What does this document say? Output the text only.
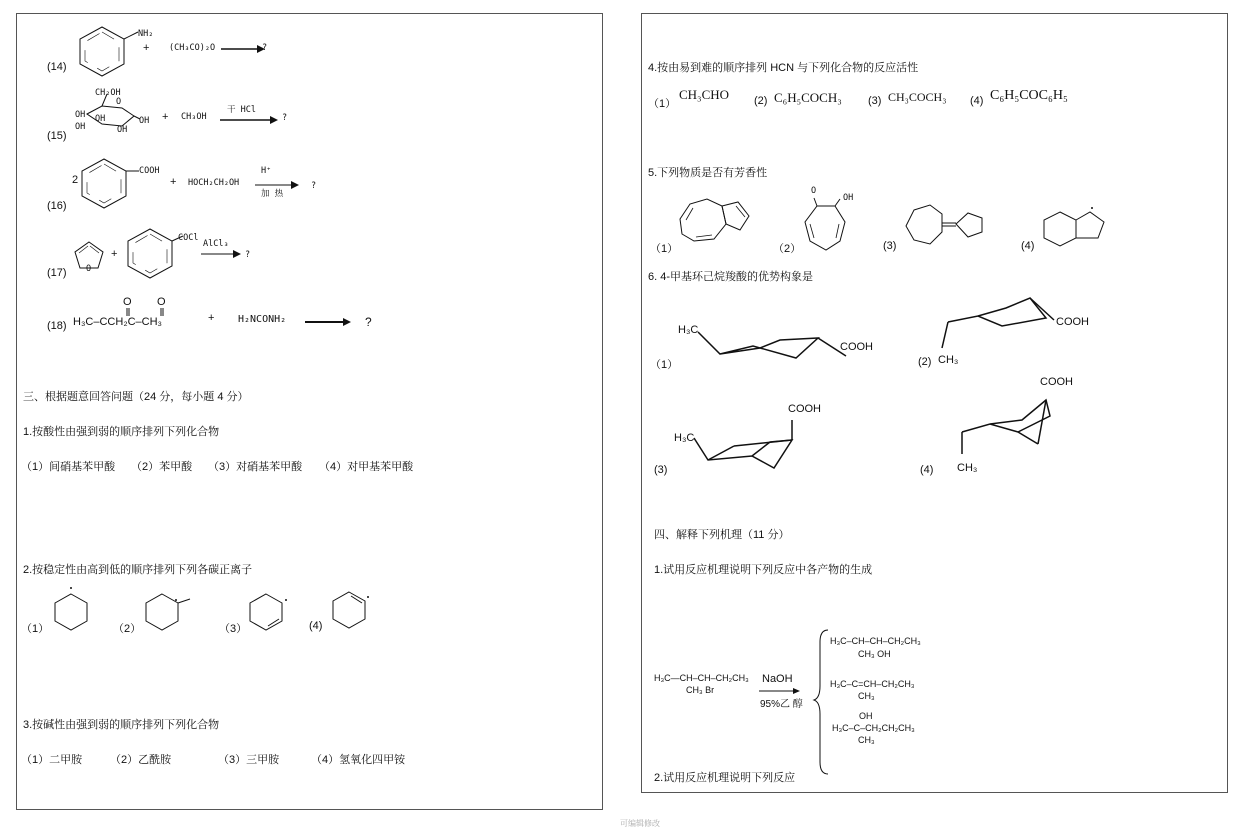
NH₂
+ (CH₃CO)₂O	?
(14)
CH₂OH
O
OH OH	OH
OH	OH
+ CH₃OH
干 HCl
?
(15)
2
COOH
+ HOCH₂CH₂OH
H⁺
加 热
?
(16)
O
+
COCl
AlCl₃
?
(17)
O O
H₃C–CCH₂C–CH₃	+ H₂NCONH₂	?
(18)
三、根据题意回答问题（24 分，每小题 4 分）
1.按酸性由强到弱的顺序排列下列化合物
（1）间硝基苯甲酸 （2）苯甲酸 （3）对硝基苯甲酸 （4）对甲基苯甲酸
2.按稳定性由高到低的顺序排列下列各碳正离子
（1）	（2）	（3）	(4)
3.按碱性由强到弱的顺序排列下列化合物
（1）二甲胺	（2）乙酰胺	（3）三甲胺	（4）氢氧化四甲铵
4.按由易到难的顺序排列 HCN 与下列化合物的反应活性
（1）
CH₃CHO (2) C₆H₅COCH₃ (3) CH₃COCH₃ (4) C₆H₅COC₆H₅
5.下列物质是否有芳香性
（1）	（2）
O
OH
(3)	(4)
6. 4-甲基环己烷羧酸的优势构象是
（1）
H₃C
COOH
(2)
COOH
CH₃
(3)
H₃C
COOH
(4)
COOH
CH₃
四、解释下列机理（11 分）
1.试用反应机理说明下列反应中各产物的生成
H₃C—CH–CH–CH₂CH₃
CH₃ Br
NaOH
95%乙 醇
H₃C–CH–CH–CH₂CH₃
CH₃ OH
H₃C–C=CH–CH₂CH₃
CH₃
OH
H₃C–C–CH₂CH₂CH₃
CH₃
2.试用反应机理说明下列反应
可编辑修改
